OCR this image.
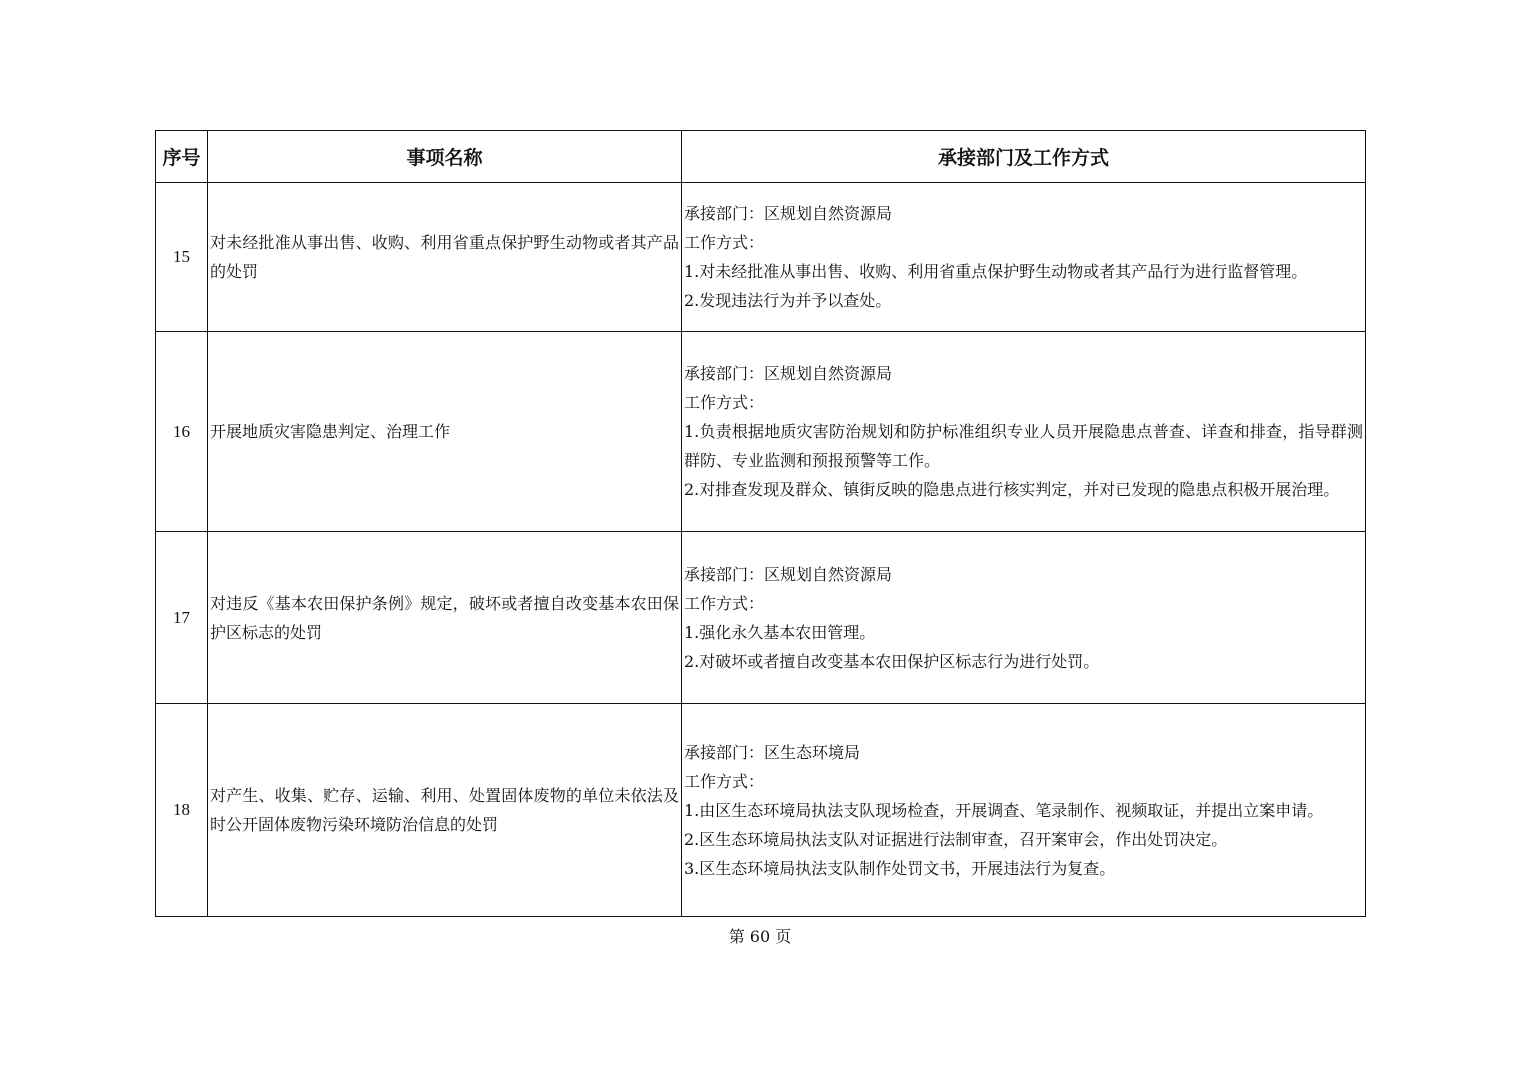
序号	事项名称	承接部门及工作方式
15	对未经批准从事出售、收购、利用省重点保护野生动物或者其产品的处罚	承接部门：区规划自然资源局
工作方式：
1.对未经批准从事出售、收购、利用省重点保护野生动物或者其产品行为进行监督管理。
2.发现违法行为并予以查处。

16	开展地质灾害隐患判定、治理工作	承接部门：区规划自然资源局
工作方式：
1.负责根据地质灾害防治规划和防护标准组织专业人员开展隐患点普查、详查和排查，指导群测群防、专业监测和预报预警等工作。
2.对排查发现及群众、镇街反映的隐患点进行核实判定，并对已发现的隐患点积极开展治理。

17	对违反《基本农田保护条例》规定，破坏或者擅自改变基本农田保护区标志的处罚	承接部门：区规划自然资源局
工作方式：
1.强化永久基本农田管理。
2.对破坏或者擅自改变基本农田保护区标志行为进行处罚。

18	对产生、收集、贮存、运输、利用、处置固体废物的单位未依法及时公开固体废物污染环境防治信息的处罚	承接部门：区生态环境局
工作方式：
1.由区生态环境局执法支队现场检查，开展调查、笔录制作、视频取证，并提出立案申请。
2.区生态环境局执法支队对证据进行法制审查，召开案审会，作出处罚决定。
3.区生态环境局执法支队制作处罚文书，开展违法行为复查。
第 60 页
